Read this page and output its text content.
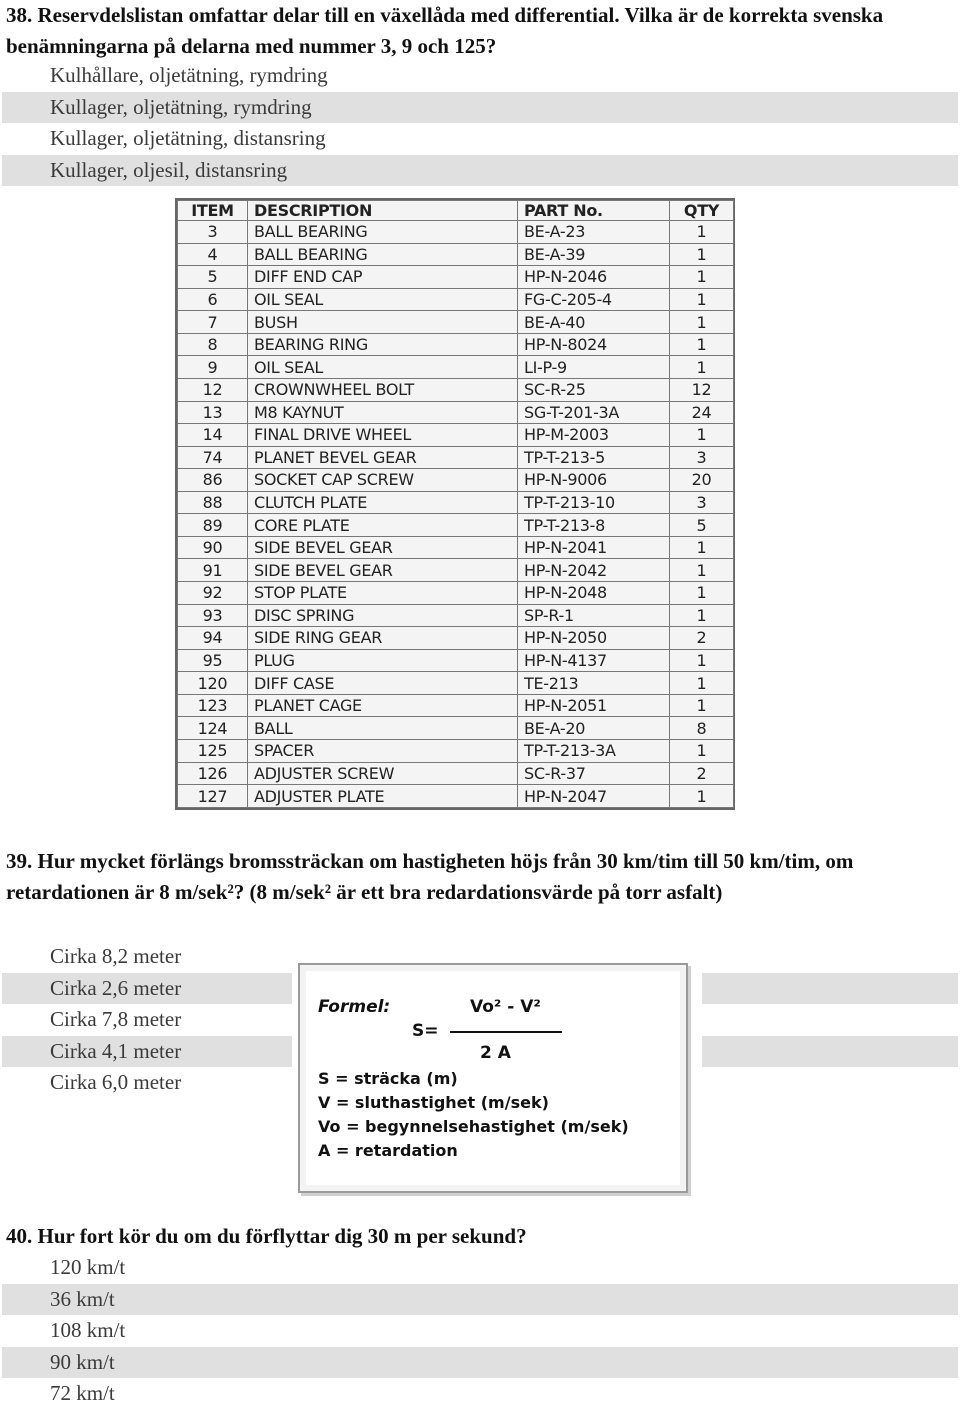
38. Reservdelslistan omfattar delar till en växellåda med differential. Vilka är de korrekta svenska benämningarna på delarna med nummer 3, 9 och 125?
Kulhållare, oljetätning, rymdring
Kullager, oljetätning, rymdring
Kullager, oljetätning, distansring
Kullager, oljesil, distansring
ITEM	DESCRIPTION	PART No.	QTY
3	BALL BEARING	BE-A-23	1
4	BALL BEARING	BE-A-39	1
5	DIFF END CAP	HP-N-2046	1
6	OIL SEAL	FG-C-205-4	1
7	BUSH	BE-A-40	1
8	BEARING RING	HP-N-8024	1
9	OIL SEAL	LI-P-9	1
12	CROWNWHEEL BOLT	SC-R-25	12
13	M8 KAYNUT	SG-T-201-3A	24
14	FINAL DRIVE WHEEL	HP-M-2003	1
74	PLANET BEVEL GEAR	TP-T-213-5	3
86	SOCKET CAP SCREW	HP-N-9006	20
88	CLUTCH PLATE	TP-T-213-10	3
89	CORE PLATE	TP-T-213-8	5
90	SIDE BEVEL GEAR	HP-N-2041	1
91	SIDE BEVEL GEAR	HP-N-2042	1
92	STOP PLATE	HP-N-2048	1
93	DISC SPRING	SP-R-1	1
94	SIDE RING GEAR	HP-N-2050	2
95	PLUG	HP-N-4137	1
120	DIFF CASE	TE-213	1
123	PLANET CAGE	HP-N-2051	1
124	BALL	BE-A-20	8
125	SPACER	TP-T-213-3A	1
126	ADJUSTER SCREW	SC-R-37	2
127	ADJUSTER PLATE	HP-N-2047	1
39. Hur mycket förlängs bromssträckan om hastigheten höjs från 30 km/tim till 50 km/tim, om retardationen är 8 m/sek²? (8 m/sek² är ett bra redardationsvärde på torr asfalt)
Cirka 8,2 meter
Cirka 2,6 meter
Cirka 7,8 meter
Cirka 4,1 meter
Cirka 6,0 meter
Formel:
S=
Vo² - V²
2 A
S = sträcka (m)
V = sluthastighet (m/sek)
Vo = begynnelsehastighet (m/sek)
A = retardation
40. Hur fort kör du om du förflyttar dig 30 m per sekund?
120 km/t
36 km/t
108 km/t
90 km/t
72 km/t
